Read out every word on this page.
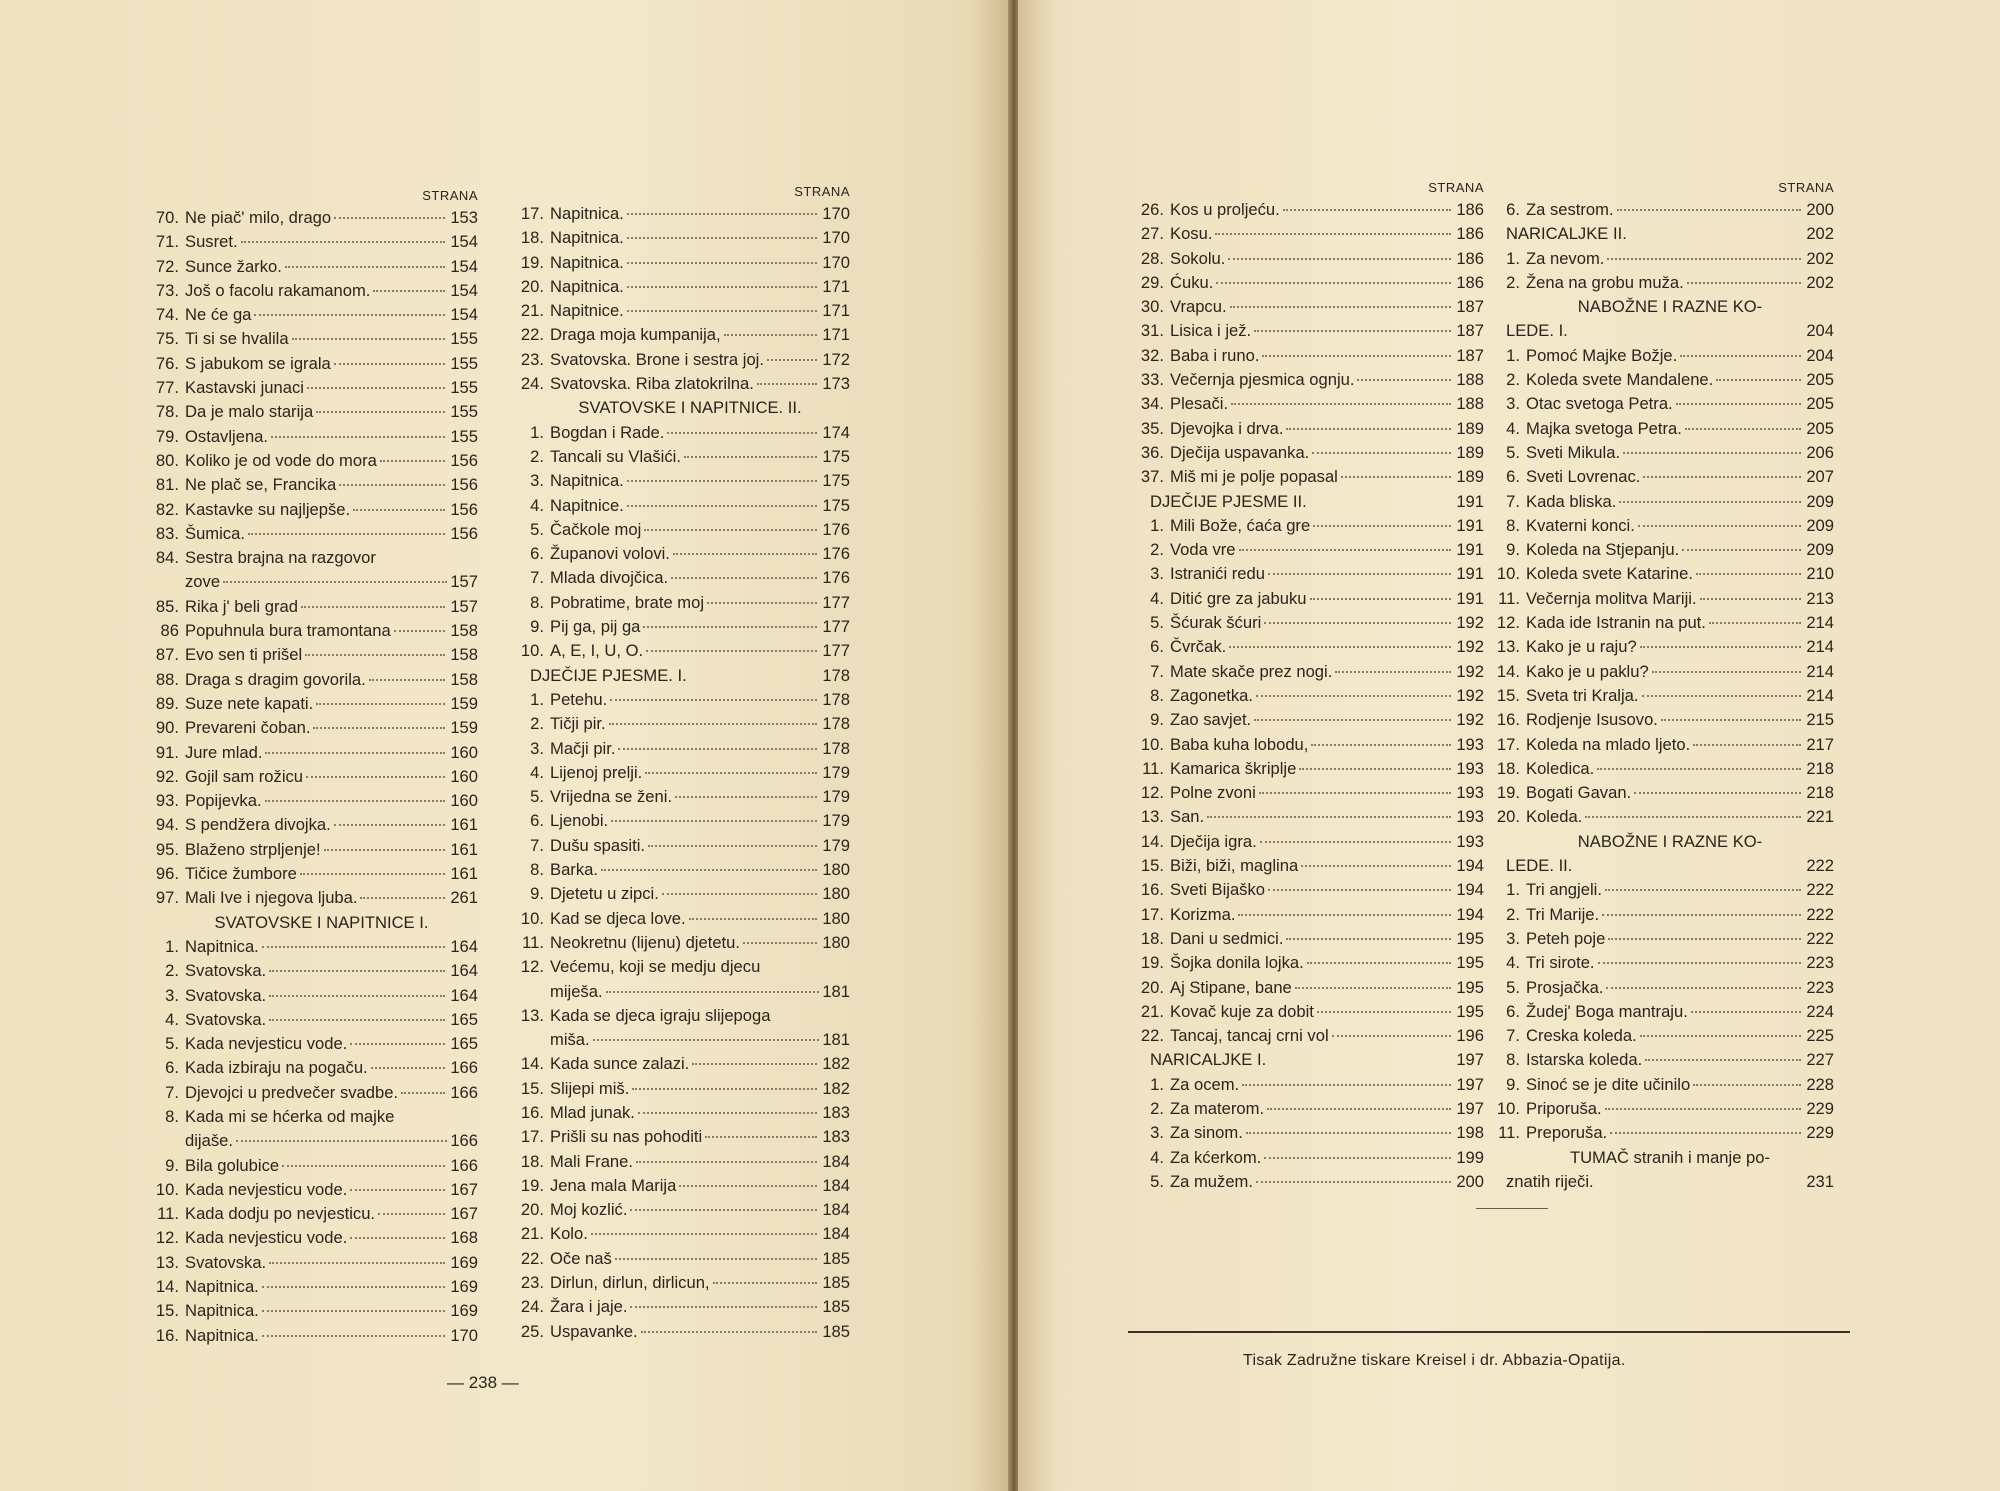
STRANA
70. Ne piač' milo, drago	153
71. Susret.	154
72. Sunce žarko.	154
73. Još o facolu rakamanom.	154
74. Ne će ga	154
75. Ti si se hvalila	155
76. S jabukom se igrala	155
77. Kastavski junaci	155
78. Da je malo starija	155
79. Ostavljena.	155
80. Koliko je od vode do mora	156
81. Ne plač se, Francika	156
82. Kastavke su najljepše.	156
83. Šumica.	156
84. Sestra brajna na razgovor
zove	157
85. Rika j' beli grad	157
86 Popuhnula bura tramontana	158
87. Evo sen ti prišel	158
88. Draga s dragim govorila.	158
89. Suze nete kapati.	159
90. Prevareni čoban.	159
91. Jure mlad.	160
92. Gojil sam rožicu	160
93. Popijevka.	160
94. S pendžera divojka.	161
95. Blaženo strpljenje!	161
96. Tičice žumbore	161
97. Mali Ive i njegova ljuba.	261
SVATOVSKE I NAPITNICE I.
1. Napitnica.	164
2. Svatovska.	164
3. Svatovska.	164
4. Svatovska.	165
5. Kada nevjesticu vode.	165
6. Kada izbiraju na pogaču.	166
7. Djevojci u predvečer svadbe.	166
8. Kada mi se hćerka od majke
dijaše.	166
9. Bila golubice	166
10. Kada nevjesticu vode.	167
11. Kada dodju po nevjesticu.	167
12. Kada nevjesticu vode.	168
13. Svatovska.	169
14. Napitnica.	169
15. Napitnica.	169
16. Napitnica.	170
STRANA
17. Napitnica.	170
18. Napitnica.	170
19. Napitnica.	170
20. Napitnica.	171
21. Napitnice.	171
22. Draga moja kumpanija,	171
23. Svatovska. Brone i sestra joj.	172
24. Svatovska. Riba zlatokrilna.	173
SVATOVSKE I NAPITNICE. II.
1. Bogdan i Rade.	174
2. Tancali su Vlašići.	175
3. Napitnica.	175
4. Napitnice.	175
5. Čačkole moj	176
6. Županovi volovi.	176
7. Mlada divojčica.	176
8. Pobratime, brate moj	177
9. Pij ga, pij ga	177
10. A, E, I, U, O.	177
DJEČIJE PJESME. I.	178
1. Petehu.	178
2. Tičji pir.	178
3. Mačji pir.	178
4. Lijenoj prelji.	179
5. Vrijedna se ženi.	179
6. Ljenobi.	179
7. Dušu spasiti.	179
8. Barka.	180
9. Djetetu u zipci.	180
10. Kad se djeca love.	180
11. Neokretnu (lijenu) djetetu.	180
12. Većemu, koji se medju djecu
miješa.	181
13. Kada se djeca igraju slijepoga
miša.	181
14. Kada sunce zalazi.	182
15. Slijepi miš.	182
16. Mlad junak.	183
17. Prišli su nas pohoditi	183
18. Mali Frane.	184
19. Jena mala Marija	184
20. Moj kozlić.	184
21. Kolo.	184
22. Oče naš	185
23. Dirlun, dirlun, dirlicun,	185
24. Žara i jaje.	185
25. Uspavanke.	185
— 238 —
STRANA
26. Kos u proljeću.	186
27. Kosu.	186
28. Sokolu.	186
29. Ćuku.	186
30. Vrapcu.	187
31. Lisica i jež.	187
32. Baba i runo.	187
33. Večernja pjesmica ognju.	188
34. Plesači.	188
35. Djevojka i drva.	189
36. Dječija uspavanka.	189
37. Miš mi je polje popasal	189
DJEČIJE PJESME II.	191
1. Mili Bože, ćaća gre	191
2. Voda vre	191
3. Istranići redu	191
4. Ditić gre za jabuku	191
5. Šćurak šćuri	192
6. Čvrčak.	192
7. Mate skače prez nogi.	192
8. Zagonetka.	192
9. Zao savjet.	192
10. Baba kuha lobodu,	193
11. Kamarica škriplje	193
12. Polne zvoni	193
13. San.	193
14. Dječija igra.	193
15. Biži, biži, maglina	194
16. Sveti Bijaško	194
17. Korizma.	194
18. Dani u sedmici.	195
19. Šojka donila lojka.	195
20. Aj Stipane, bane	195
21. Kovač kuje za dobit	195
22. Tancaj, tancaj crni vol	196
NARICALJKE I.	197
1. Za ocem.	197
2. Za materom.	197
3. Za sinom.	198
4. Za kćerkom.	199
5. Za mužem.	200
STRANA
6. Za sestrom.	200
NARICALJKE II.	202
1. Za nevom.	202
2. Žena na grobu muža.	202
NABOŽNE I RAZNE KO-
LEDE. I.	204
1. Pomoć Majke Božje.	204
2. Koleda svete Mandalene.	205
3. Otac svetoga Petra.	205
4. Majka svetoga Petra.	205
5. Sveti Mikula.	206
6. Sveti Lovrenac.	207
7. Kada bliska.	209
8. Kvaterni konci.	209
9. Koleda na Stjepanju.	209
10. Koleda svete Katarine.	210
11. Večernja molitva Mariji.	213
12. Kada ide Istranin na put.	214
13. Kako je u raju?	214
14. Kako je u paklu?	214
15. Sveta tri Kralja.	214
16. Rodjenje Isusovo.	215
17. Koleda na mlado ljeto.	217
18. Koledica.	218
19. Bogati Gavan.	218
20. Koleda.	221
NABOŽNE I RAZNE KO-
LEDE. II.	222
1. Tri angjeli.	222
2. Tri Marije.	222
3. Peteh poje	222
4. Tri sirote.	223
5. Prosjačka.	223
6. Žudej' Boga mantraju.	224
7. Creska koleda.	225
8. Istarska koleda.	227
9. Sinoć se je dite učinilo	228
10. Priporuša.	229
11. Preporuša.	229
TUMAČ stranih i manje po-
znatih riječi.	231
Tisak Zadružne tiskare Kreisel i dr. Abbazia-Opatija.
